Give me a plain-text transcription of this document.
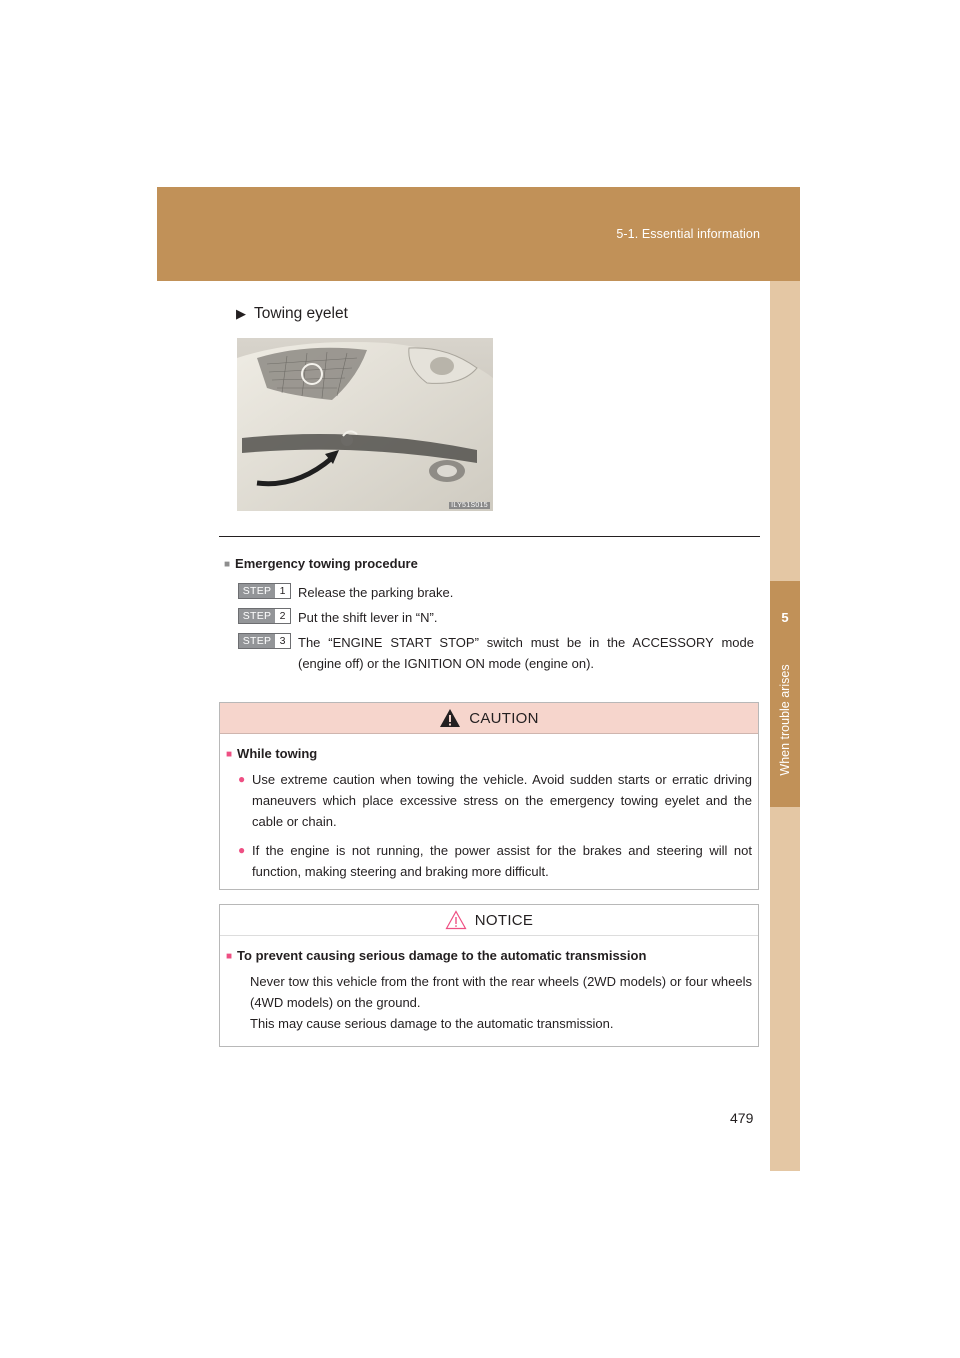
5-1. Essential information
5
When trouble arises
▶ Towing eyelet
ILY51S015
■ Emergency towing procedure
STEP 1 Release the parking brake.
STEP 2 Put the shift lever in “N”.
STEP 3 The “ENGINE START STOP” switch must be in the ACCESSORY mode (engine off) or the IGNITION ON mode (engine on).
CAUTION
■ While towing
● Use extreme caution when towing the vehicle. Avoid sudden starts or erratic driving maneuvers which place excessive stress on the emergency towing eyelet and the cable or chain.
● If the engine is not running, the power assist for the brakes and steering will not function, making steering and braking more difficult.
NOTICE
■ To prevent causing serious damage to the automatic transmission
Never tow this vehicle from the front with the rear wheels (2WD models) or four wheels (4WD models) on the ground.
This may cause serious damage to the automatic transmission.
479
